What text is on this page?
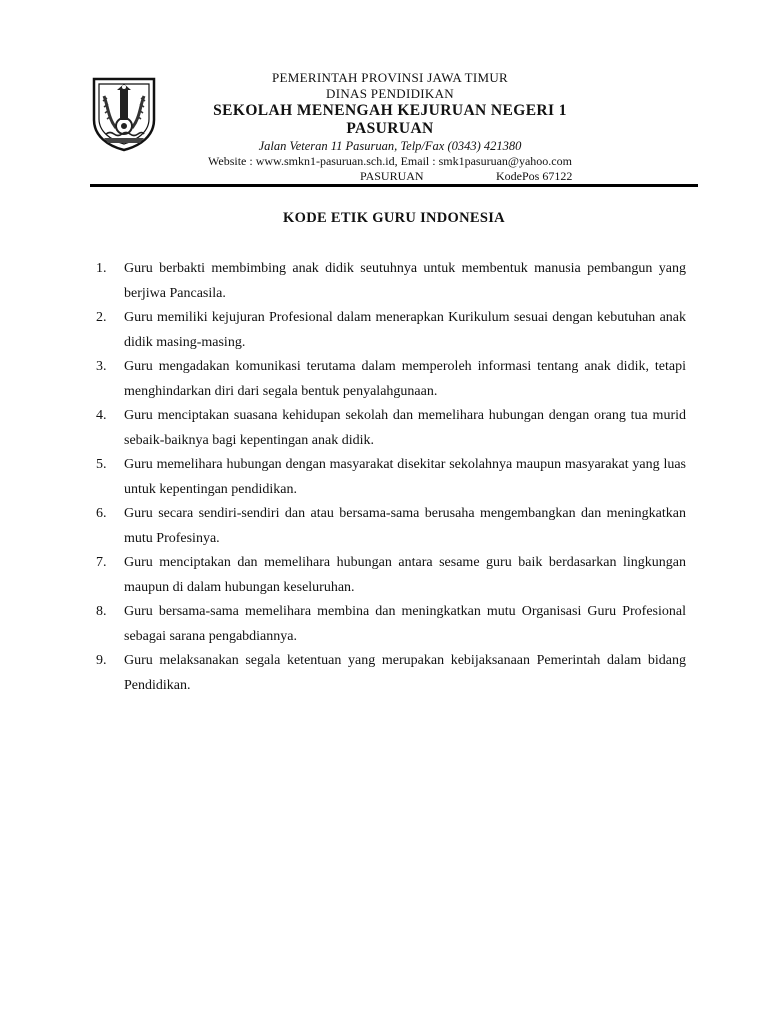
PEMERINTAH PROVINSI JAWA TIMUR
DINAS PENDIDIKAN
SEKOLAH MENENGAH KEJURUAN NEGERI 1
PASURUAN
Jalan Veteran 11 Pasuruan, Telp/Fax (0343) 421380
Website : www.smkn1-pasuruan.sch.id, Email : smk1pasuruan@yahoo.com
PASURUAN	KodePos 67122
KODE ETIK GURU INDONESIA
1. Guru berbakti membimbing anak didik seutuhnya untuk membentuk manusia pembangun yang berjiwa Pancasila.
2. Guru memiliki kejujuran Profesional dalam menerapkan Kurikulum sesuai dengan kebutuhan anak didik masing-masing.
3. Guru mengadakan komunikasi terutama dalam memperoleh informasi tentang anak didik, tetapi menghindarkan diri dari segala bentuk penyalahgunaan.
4. Guru menciptakan suasana kehidupan sekolah dan memelihara hubungan dengan orang tua murid sebaik-baiknya bagi kepentingan anak didik.
5. Guru memelihara hubungan dengan masyarakat disekitar sekolahnya maupun masyarakat yang luas untuk kepentingan pendidikan.
6. Guru secara sendiri-sendiri dan atau bersama-sama berusaha mengembangkan dan meningkatkan mutu Profesinya.
7. Guru menciptakan dan memelihara hubungan antara sesame guru baik berdasarkan lingkungan maupun di dalam hubungan keseluruhan.
8. Guru bersama-sama memelihara membina dan meningkatkan mutu Organisasi Guru Profesional sebagai sarana pengabdiannya.
9. Guru melaksanakan segala ketentuan yang merupakan kebijaksanaan Pemerintah dalam bidang Pendidikan.
